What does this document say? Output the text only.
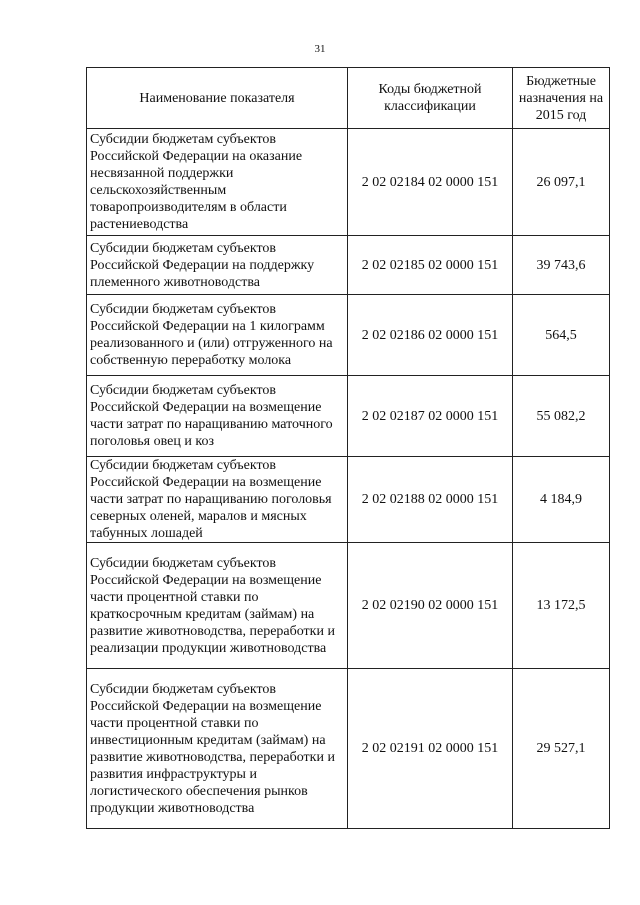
31
Наименование показателя	Коды бюджетной классификации	Бюджетные назначения на 2015 год
Субсидии бюджетам субъектов Российской Федерации на оказание несвязанной поддержки сельскохозяйственным товаропроизводителям в области растениеводства	2 02 02184 02 0000 151	26 097,1
Субсидии бюджетам субъектов Российской Федерации на поддержку племенного животноводства	2 02 02185 02 0000 151	39 743,6
Субсидии бюджетам субъектов Российской Федерации на 1 килограмм реализованного и (или) отгруженного на собственную переработку молока	2 02 02186 02 0000 151	564,5
Субсидии бюджетам субъектов Российской Федерации на возмещение части затрат по наращиванию маточного поголовья овец и коз	2 02 02187 02 0000 151	55 082,2
Субсидии бюджетам субъектов Российской Федерации на возмещение части затрат по наращиванию поголовья северных оленей, маралов и мясных табунных лошадей	2 02 02188 02 0000 151	4 184,9
Субсидии бюджетам субъектов Российской Федерации на возмещение части процентной ставки по краткосрочным кредитам (займам) на развитие животноводства, переработки и реализации продукции животноводства	2 02 02190 02 0000 151	13 172,5
Субсидии бюджетам субъектов Российской Федерации на возмещение части процентной ставки по инвестиционным кредитам (займам) на развитие животноводства, переработки и развития инфраструктуры и логистического обеспечения рынков продукции животноводства	2 02 02191 02 0000 151	29 527,1
